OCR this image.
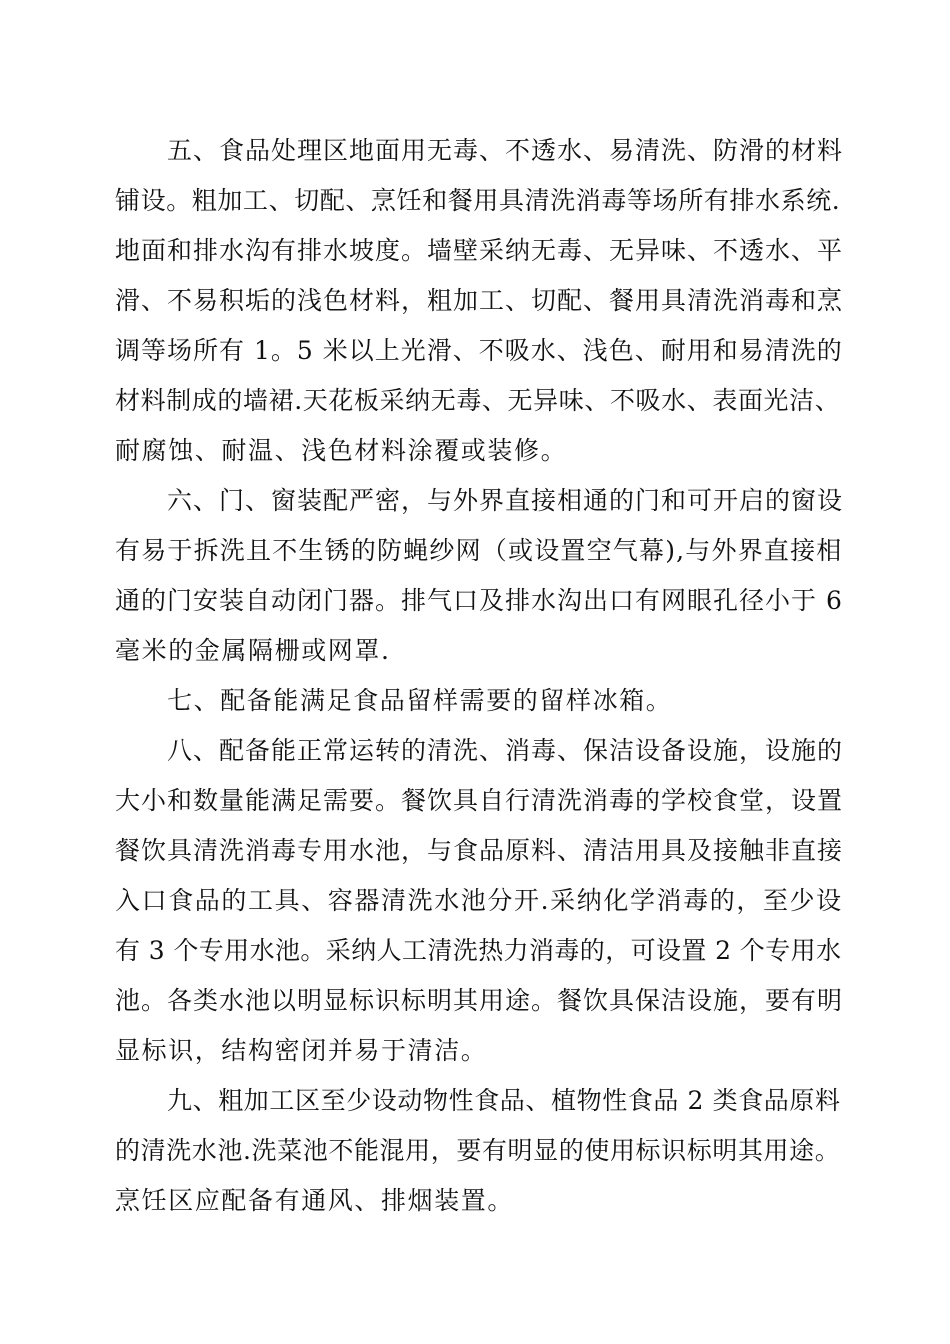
五、食品处理区地面用无毒、不透水、易清洗、防滑的材料
铺设。粗加工、切配、烹饪和餐用具清洗消毒等场所有排水系统.
地面和排水沟有排水坡度。墙壁采纳无毒、无异味、不透水、平
滑、不易积垢的浅色材料，粗加工、切配、餐用具清洗消毒和烹
调等场所有 1。5 米以上光滑、不吸水、浅色、耐用和易清洗的
材料制成的墙裙.天花板采纳无毒、无异味、不吸水、表面光洁、
耐腐蚀、耐温、浅色材料涂覆或装修。
六、门、窗装配严密，与外界直接相通的门和可开启的窗设
有易于拆洗且不生锈的防蝇纱网（或设置空气幕),与外界直接相
通的门安装自动闭门器。排气口及排水沟出口有网眼孔径小于 6
毫米的金属隔栅或网罩.
七、配备能满足食品留样需要的留样冰箱。
八、配备能正常运转的清洗、消毒、保洁设备设施，设施的
大小和数量能满足需要。餐饮具自行清洗消毒的学校食堂，设置
餐饮具清洗消毒专用水池，与食品原料、清洁用具及接触非直接
入口食品的工具、容器清洗水池分开.采纳化学消毒的，至少设
有 3 个专用水池。采纳人工清洗热力消毒的，可设置 2 个专用水
池。各类水池以明显标识标明其用途。餐饮具保洁设施，要有明
显标识，结构密闭并易于清洁。
九、粗加工区至少设动物性食品、植物性食品 2 类食品原料
的清洗水池.洗菜池不能混用，要有明显的使用标识标明其用途。
烹饪区应配备有通风、排烟装置。
